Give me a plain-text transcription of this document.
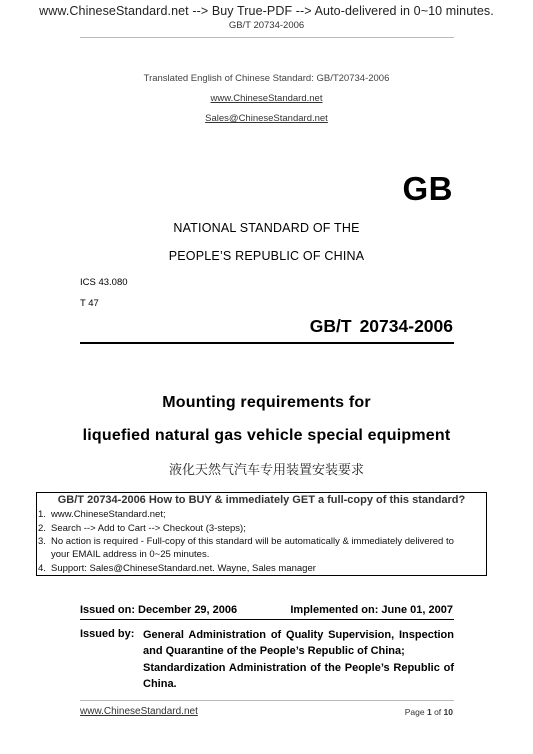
www.ChineseStandard.net --> Buy True-PDF --> Auto-delivered in 0~10 minutes.
GB/T 20734-2006
Translated English of Chinese Standard: GB/T20734-2006
www.ChineseStandard.net
Sales@ChineseStandard.net
GB
NATIONAL STANDARD OF THE
PEOPLE’S REPUBLIC OF CHINA
ICS 43.080
T 47
GB/T 20734-2006
Mounting requirements for
liquefied natural gas vehicle special equipment
液化天然气汽车专用装置安装要求
GB/T 20734-2006 How to BUY & immediately GET a full-copy of this standard?
1. www.ChineseStandard.net;
2. Search --> Add to Cart --> Checkout (3-steps);
3. No action is required - Full-copy of this standard will be automatically & immediately delivered to
your EMAIL address in 0~25 minutes.
4. Support: Sales@ChineseStandard.net. Wayne, Sales manager
Issued on: December 29, 2006	Implemented on: June 01, 2007
Issued by: General Administration of Quality Supervision, Inspection and Quarantine of the People’s Republic of China;
Standardization Administration of the People’s Republic of China.
www.ChineseStandard.net	Page 1 of 10
